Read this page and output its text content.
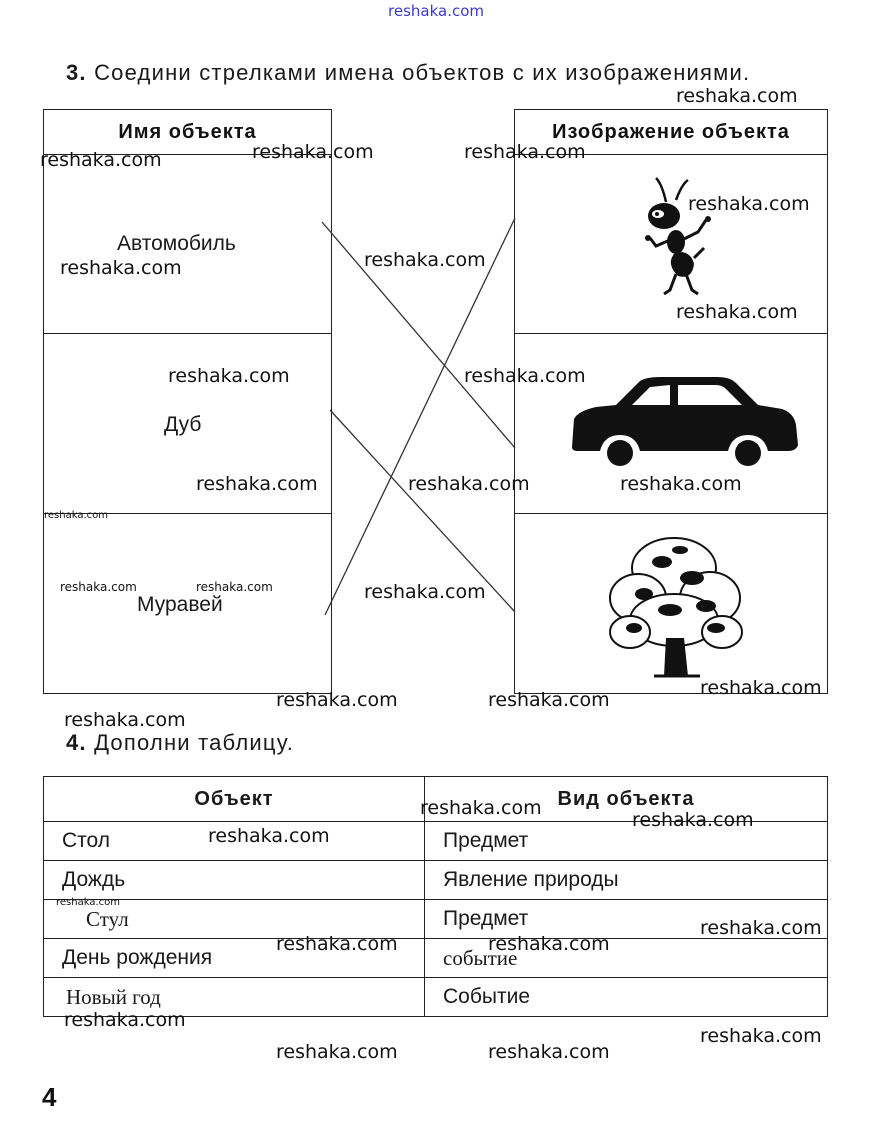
reshaka.com
3. Соедини стрелками имена объектов с их изображениями.
Имя объекта
Автомобиль
Дуб
Муравей
Изображение объекта
4. Дополни таблицу.
Объект	Вид объекта
Стол	Предмет
Дождь	Явление природы
Стул	Предмет
День рождения	событие
Новый год	Событие
reshaka.com
reshaka.com	reshaka.com	reshaka.com
reshaka.com
reshaka.com
reshaka.com
reshaka.com
reshaka.com	reshaka.com
reshaka.com	reshaka.com	reshaka.com
reshaka.com
reshaka.com	reshaka.com	reshaka.com
reshaka.com
reshaka.com	reshaka.com
reshaka.com
reshaka.com
reshaka.com
reshaka.com
reshaka.com
reshaka.com
reshaka.com	reshaka.com
reshaka.com
reshaka.com
reshaka.com	reshaka.com
4
